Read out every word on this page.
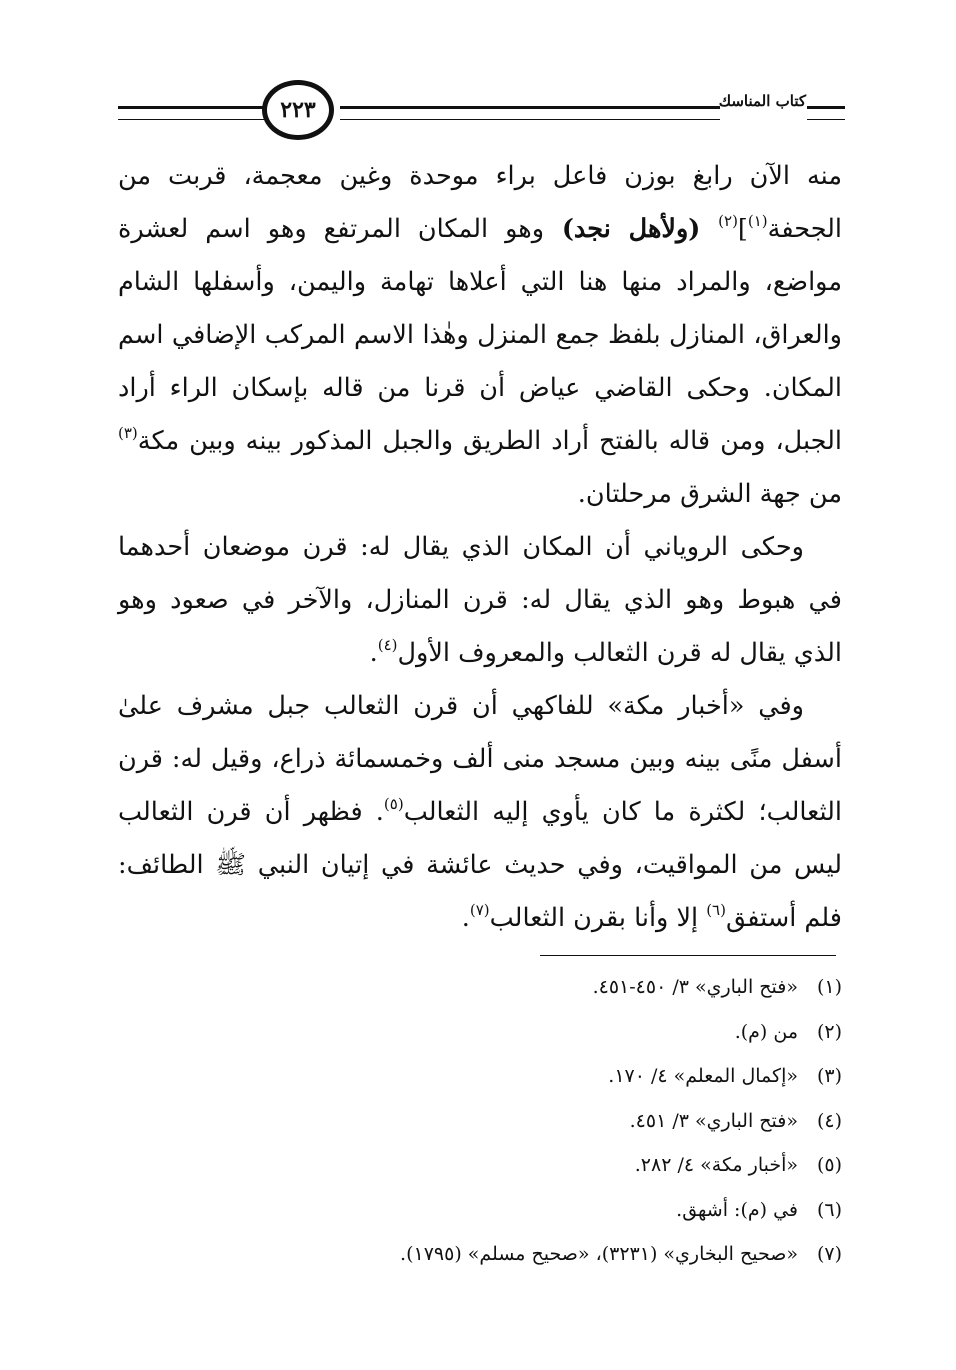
٢٢٣	كتاب المناسك

منه الآن رابغ بوزن فاعل براء موحدة وغين معجمة، قربت من الجحفة$^{(١)}$]$^{(٢)}$ (ولأهل نجد) وهو المكان المرتفع وهو اسم لعشرة مواضع، والمراد منها هنا التي أعلاها تهامة واليمن، وأسفلها الشام والعراق، المنازل بلفظ جمع المنزل وهٰذا الاسم المركب الإضافي اسم المكان. وحكى القاضي عياض أن قرنا من قاله بإسكان الراء أراد الجبل، ومن قاله بالفتح أراد الطريق والجبل المذكور بينه وبين مكة$^{(٣)}$ من جهة الشرق مرحلتان.

وحكى الروياني أن المكان الذي يقال له: قرن موضعان أحدهما في هبوط وهو الذي يقال له: قرن المنازل، والآخر في صعود وهو الذي يقال له قرن الثعالب والمعروف الأول$^{(٤)}$.

وفي «أخبار مكة» للفاكهي أن قرن الثعالب جبل مشرف علىٰ أسفل منًى بينه وبين مسجد منى ألف وخمسمائة ذراع، وقيل له: قرن الثعالب؛ لكثرة ما كان يأوي إليه الثعالب$^{(٥)}$. فظهر أن قرن الثعالب ليس من المواقيت، وفي حديث عائشة في إتيان النبي ﷺ الطائف: فلم أستفق$^{(٦)}$ إلا وأنا بقرن الثعالب$^{(٧)}$.

(١)
«فتح الباري» ٣/ ٤٥٠-٤٥١.
(٢)
من (م).
(٣)
«إكمال المعلم» ٤/ ١٧٠.
(٤)
«فتح الباري» ٣/ ٤٥١.
(٥)
«أخبار مكة» ٤/ ٢٨٢.
(٦)
في (م): أشهق.
(٧)
«صحيح البخاري» (٣٢٣١)، «صحيح مسلم» (١٧٩٥).
